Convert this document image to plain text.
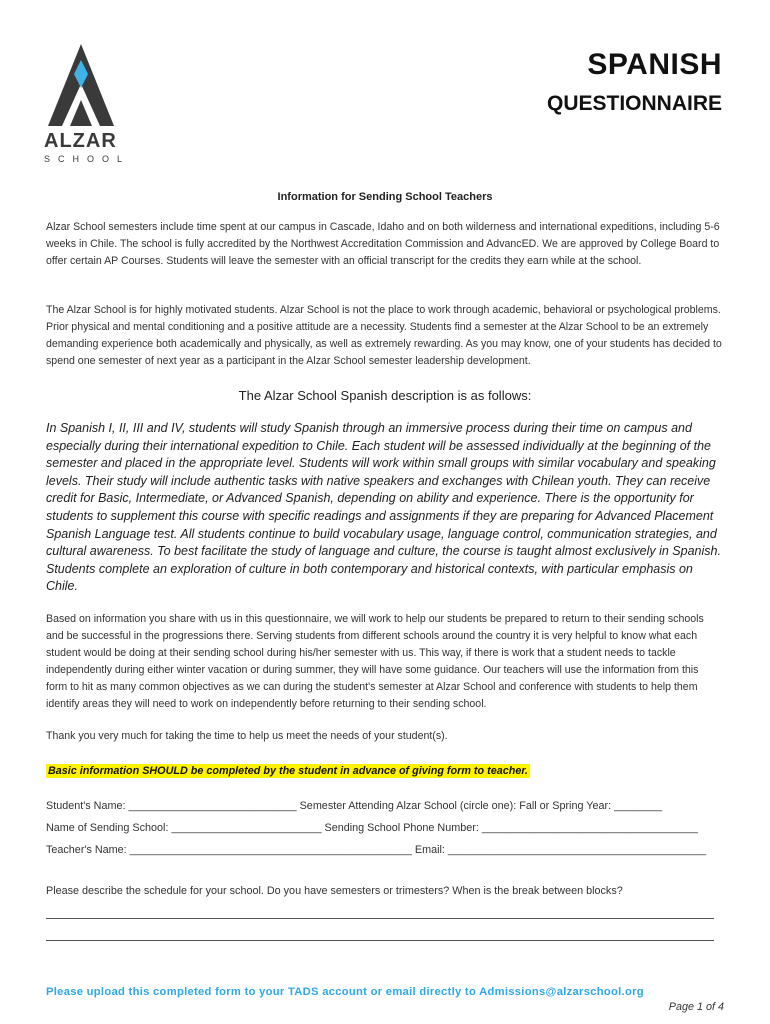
ALZAR
SCHOOL
SPANISH
QUESTIONNAIRE
Information for Sending School Teachers

Alzar School semesters include time spent at our campus in Cascade, Idaho and on both wilderness and international expeditions, including 5-6 weeks in Chile. The school is fully accredited by the Northwest Accreditation Commission and AdvancED. We are approved by College Board to offer certain AP Courses. Students will leave the semester with an official transcript for the credits they earn while at the school.

The Alzar School is for highly motivated students. Alzar School is not the place to work through academic, behavioral or psychological problems. Prior physical and mental conditioning and a positive attitude are a necessity. Students find a semester at the Alzar School to be an extremely demanding experience both academically and physically, as well as extremely rewarding. As you may know, one of your students has decided to spend one semester of next year as a participant in the Alzar School semester leadership development.

The Alzar School Spanish description is as follows:

In Spanish I, II, III and IV, students will study Spanish through an immersive process during their time on campus and especially during their international expedition to Chile. Each student will be assessed individually at the beginning of the semester and placed in the appropriate level. Students will work within small groups with similar vocabulary and speaking levels. Their study will include authentic tasks with native speakers and exchanges with Chilean youth. They can receive credit for Basic, Intermediate, or Advanced Spanish, depending on ability and experience. There is the opportunity for students to supplement this course with specific readings and assignments if they are preparing for Advanced Placement Spanish Language test. All students continue to build vocabulary usage, language control, communication strategies, and cultural awareness. To best facilitate the study of language and culture, the course is taught almost exclusively in Spanish. Students complete an exploration of culture in both contemporary and historical contexts, with particular emphasis on Chile.

Based on information you share with us in this questionnaire, we will work to help our students be prepared to return to their sending schools and be successful in the progressions there. Serving students from different schools around the country it is very helpful to know what each student would be doing at their sending school during his/her semester with us. This way, if there is work that a student needs to tackle independently during either winter vacation or during summer, they will have some guidance. Our teachers will use the information from this form to hit as many common objectives as we can during the student's semester at Alzar School and conference with students to help them identify areas they will need to work on independently before returning to their sending school.

Thank you very much for taking the time to help us meet the needs of your student(s).

Basic information SHOULD be completed by the student in advance of giving form to teacher.
Student's Name: ____________________________ Semester Attending Alzar School (circle one): Fall or Spring Year: ________
Name of Sending School: _________________________ Sending School Phone Number: ____________________________________
Teacher's Name: _______________________________________________ Email: ___________________________________________
Please describe the schedule for your school. Do you have semesters or trimesters? When is the break between blocks?
Please upload this completed form to your TADS account or email directly to Admissions@alzarschool.org
Page 1 of 4
